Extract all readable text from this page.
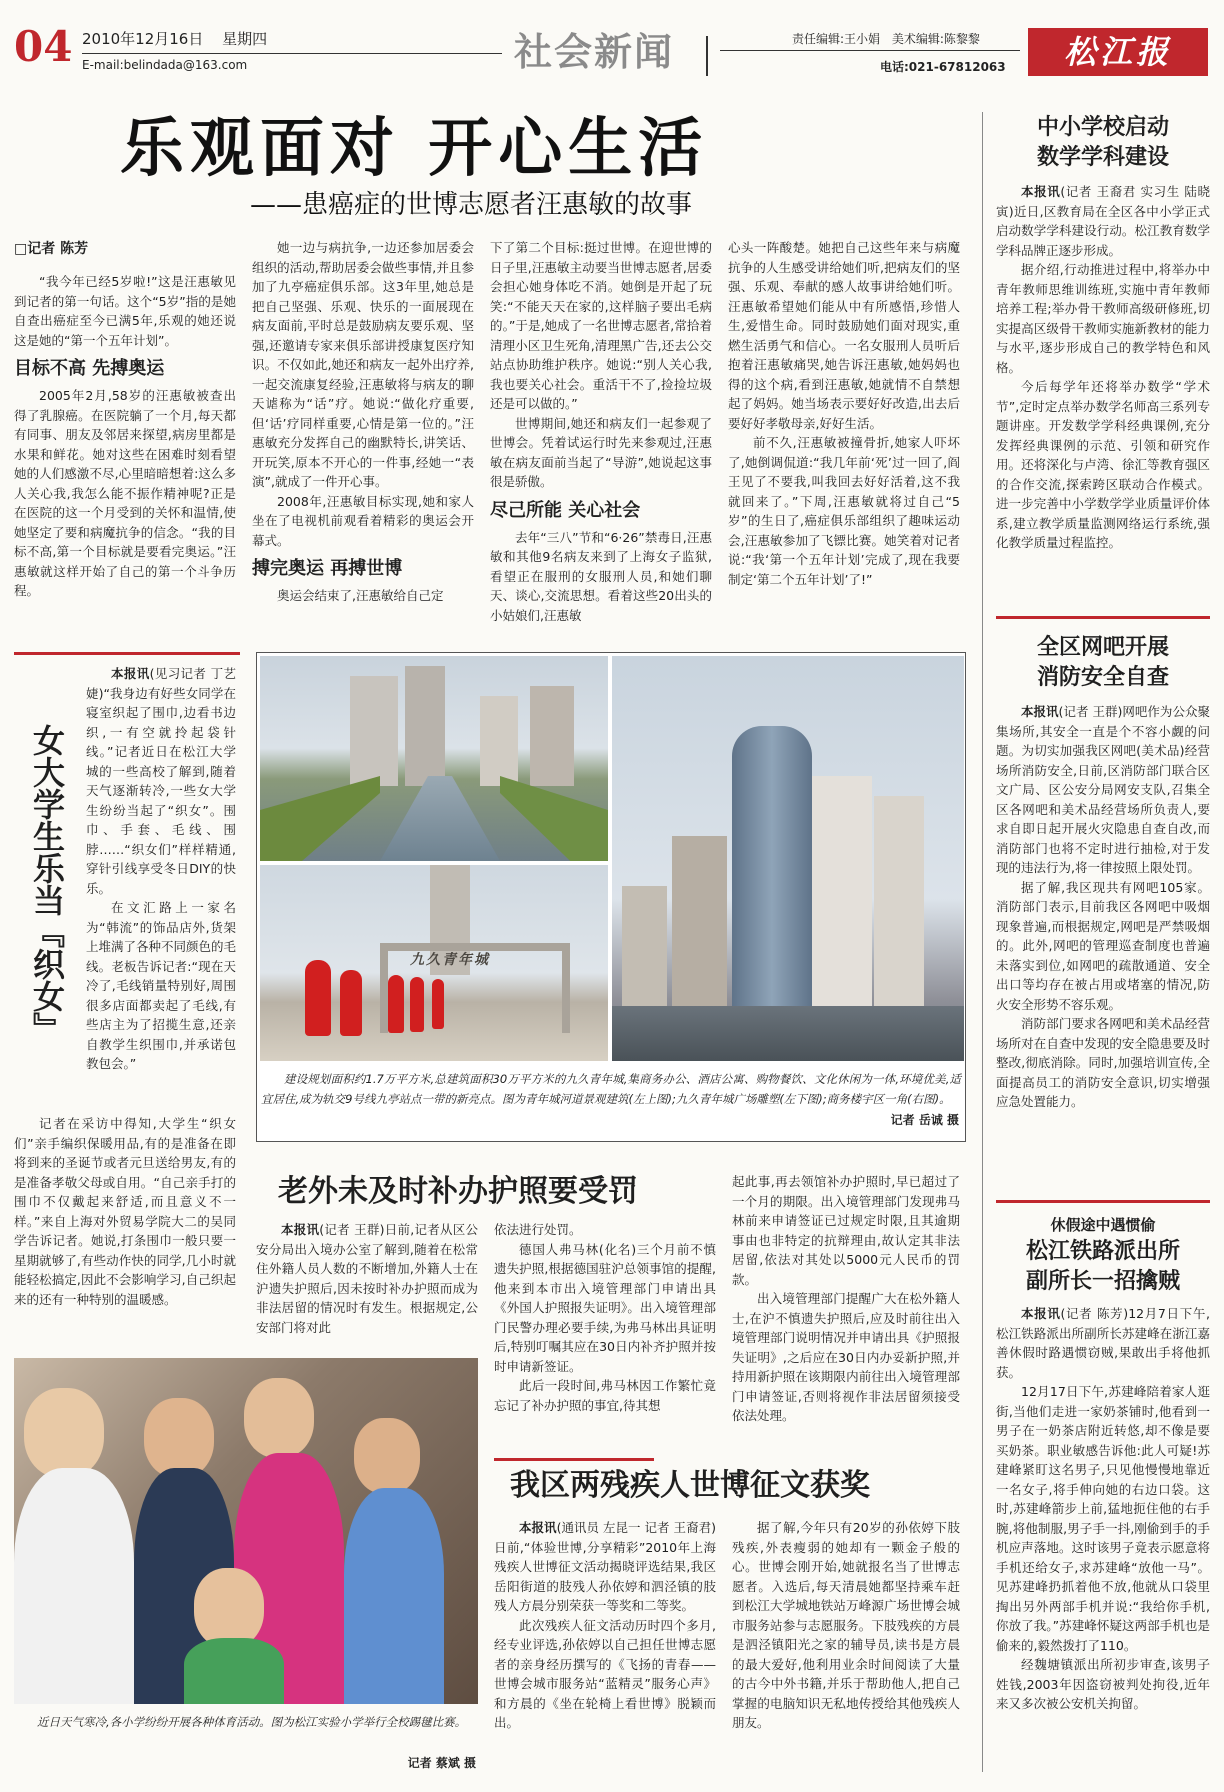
04 2010年12月16日 星期四
E-mail:belindada@163.com	社会新闻	责任编辑:王小娟 美术编辑:陈黎黎
电话:021-67812063	松江报
乐观面对 开心生活
——患癌症的世博志愿者汪惠敏的故事
□记者 陈芳

“我今年已经5岁啦!”这是汪惠敏见到记者的第一句话。这个“5岁”指的是她自查出癌症至今已满5年,乐观的她还说这是她的“第一个五年计划”。

目标不高 先搏奥运

2005年2月,58岁的汪惠敏被查出得了乳腺癌。在医院躺了一个月,每天都有同事、朋友及邻居来探望,病房里都是水果和鲜花。她对这些在困难时刻看望她的人们感激不尽,心里暗暗想着:这么多人关心我,我怎么能不振作精神呢?正是在医院的这一个月受到的关怀和温情,使她坚定了要和病魔抗争的信念。“我的目标不高,第一个目标就是要看完奥运。”汪惠敏就这样开始了自己的第一个斗争历程。

她一边与病抗争,一边还参加居委会组织的活动,帮助居委会做些事情,并且参加了九亭癌症俱乐部。这3年里,她总是把自己坚强、乐观、快乐的一面展现在病友面前,平时总是鼓励病友要乐观、坚强,还邀请专家来俱乐部讲授康复医疗知识。不仅如此,她还和病友一起外出疗养,一起交流康复经验,汪惠敏将与病友的聊天谑称为“话”疗。她说:“做化疗重要,但‘话’疗同样重要,心情是第一位的。”汪惠敏充分发挥自己的幽默特长,讲笑话、开玩笑,原本不开心的一件事,经她一“表演”,就成了一件开心事。

2008年,汪惠敏目标实现,她和家人坐在了电视机前观看着精彩的奥运会开幕式。

搏完奥运 再搏世博

奥运会结束了,汪惠敏给自己定

下了第二个目标:挺过世博。在迎世博的日子里,汪惠敏主动要当世博志愿者,居委会担心她身体吃不消。她倒是开起了玩笑:“不能天天在家的,这样脑子要出毛病的。”于是,她成了一名世博志愿者,常拾着清理小区卫生死角,清理黑广告,还去公交站点协助维护秩序。她说:“别人关心我,我也要关心社会。重活干不了,捡捡垃圾还是可以做的。”

世博期间,她还和病友们一起参观了世博会。凭着试运行时先来参观过,汪惠敏在病友面前当起了“导游”,她说起这事很是骄傲。

尽己所能 关心社会

去年“三八”节和“6·26”禁毒日,汪惠敏和其他9名病友来到了上海女子监狱,看望正在服刑的女服刑人员,和她们聊天、谈心,交流思想。看着这些20出头的小姑娘们,汪惠敏

心头一阵酸楚。她把自己这些年来与病魔抗争的人生感受讲给她们听,把病友们的坚强、乐观、奉献的感人故事讲给她们听。汪惠敏希望她们能从中有所感悟,珍惜人生,爱惜生命。同时鼓励她们面对现实,重燃生活勇气和信心。一名女服刑人员听后抱着汪惠敏痛哭,她告诉汪惠敏,她妈妈也得的这个病,看到汪惠敏,她就情不自禁想起了妈妈。她当场表示要好好改造,出去后要好好孝敬母亲,好好生活。

前不久,汪惠敏被撞骨折,她家人吓坏了,她倒调侃道:“我几年前‘死’过一回了,阎王见了不要我,叫我回去好好活着,这不我就回来了。”下周,汪惠敏就将过自己“5岁”的生日了,癌症俱乐部组织了趣味运动会,汪惠敏参加了飞镖比赛。她笑着对记者说:“我‘第一个五年计划’完成了,现在我要制定‘第二个五年计划’了!”

中小学校启动
数学学科建设

本报讯(记者 王裔君 实习生 陆晓寅)近日,区教育局在全区各中小学正式启动数学学科建设行动。松江教育数学学科品牌正逐步形成。

据介绍,行动推进过程中,将举办中青年教师思维训练班,实施中青年教师培养工程;举办骨干教师高级研修班,切实提高区级骨干教师实施新教材的能力与水平,逐步形成自己的教学特色和风格。

今后每学年还将举办数学“学术节”,定时定点举办数学名师高三系列专题讲座。开发数学学科经典课例,充分发挥经典课例的示范、引领和研究作用。还将深化与卢湾、徐汇等教育强区的合作交流,探索跨区联动合作模式。进一步完善中小学数学学业质量评价体系,建立教学质量监测网络运行系统,强化教学质量过程监控。

全区网吧开展
消防安全自查

本报讯(记者 王群)网吧作为公众聚集场所,其安全一直是个不容小觑的问题。为切实加强我区网吧(美术品)经营场所消防安全,日前,区消防部门联合区文广局、区公安分局网安支队,召集全区各网吧和美术品经营场所负责人,要求自即日起开展火灾隐患自查自改,而消防部门也将不定时进行抽检,对于发现的违法行为,将一律按照上限处罚。

据了解,我区现共有网吧105家。消防部门表示,目前我区各网吧中吸烟现象普遍,而根据规定,网吧是严禁吸烟的。此外,网吧的管理巡查制度也普遍未落实到位,如网吧的疏散通道、安全出口等均存在被占用或堵塞的情况,防火安全形势不容乐观。

消防部门要求各网吧和美术品经营场所对在自查中发现的安全隐患要及时整改,彻底消除。同时,加强培训宣传,全面提高员工的消防安全意识,切实增强应急处置能力。

休假途中遇惯偷
松江铁路派出所
副所长一招擒贼

本报讯(记者 陈芳)12月7日下午,松江铁路派出所副所长苏建峰在浙江嘉善休假时路遇惯窃贼,果敢出手将他抓获。

12月17日下午,苏建峰陪着家人逛街,当他们走进一家奶茶铺时,他看到一男子在一奶茶店附近转悠,却不像是要买奶茶。职业敏感告诉他:此人可疑!苏建峰紧盯这名男子,只见他慢慢地靠近一名女子,将手伸向她的右边口袋。这时,苏建峰箭步上前,猛地扼住他的右手腕,将他制服,男子手一抖,刚偷到手的手机应声落地。这时该男子竟表示愿意将手机还给女子,求苏建峰“放他一马”。见苏建峰扔抓着他不放,他就从口袋里掏出另外两部手机并说:“我给你手机,你放了我。”苏建峰怀疑这两部手机也是偷来的,毅然拨打了110。

经魏塘镇派出所初步审查,该男子姓钱,2003年因盗窃被判处拘役,近年来又多次被公安机关拘留。

女大学生乐当『织女』

本报讯(见习记者 丁艺婕)“我身边有好些女同学在寝室织起了围巾,边看书边织,一有空就拎起袋针线。”记者近日在松江大学城的一些高校了解到,随着天气逐渐转冷,一些女大学生纷纷当起了“织女”。围巾、手套、毛线、围脖……“织女们”样样精通,穿针引线享受冬日DIY的快乐。

在文汇路上一家名为“韩流”的饰品店外,货架上堆满了各种不同颜色的毛线。老板告诉记者:“现在天冷了,毛线销量特别好,周围很多店面都卖起了毛线,有些店主为了招揽生意,还亲自教学生织围巾,并承诺包教包会。”

记者在采访中得知,大学生“织女们”亲手编织保暖用品,有的是准备在即将到来的圣诞节或者元旦送给男友,有的是准备孝敬父母或自用。“自己亲手打的围巾不仅戴起来舒适,而且意义不一样。”来自上海对外贸易学院大二的吴同学告诉记者。她说,打条围巾一般只要一星期就够了,有些动作快的同学,几小时就能轻松搞定,因此不会影响学习,自己织起来的还有一种特别的温暖感。

九久青年城
建设规划面积约1.7万平方米,总建筑面积30万平方米的九久青年城,集商务办公、酒店公寓、购物餐饮、文化休闲为一体,环境优美,适宜居住,成为轨交9号线九亭站点一带的新亮点。图为青年城河道景观建筑(左上图);九久青年城广场雕塑(左下图);商务楼宇区一角(右图)。
记者 岳诚 摄
老外未及时补办护照要受罚

本报讯(记者 王群)日前,记者从区公安分局出入境办公室了解到,随着在松常住外籍人员人数的不断增加,外籍人士在沪遗失护照后,因未按时补办护照而成为非法居留的情况时有发生。根据规定,公安部门将对此

依法进行处罚。

德国人弗马林(化名)三个月前不慎遗失护照,根据德国驻沪总领事馆的提醒,他来到本市出入境管理部门申请出具《外国人护照报失证明》。出入境管理部门民警办理必要手续,为弗马林出具证明后,特别叮嘱其应在30日内补齐护照并按时申请新签证。

此后一段时间,弗马林因工作繁忙竟忘记了补办护照的事宜,待其想

起此事,再去领馆补办护照时,早已超过了一个月的期限。出入境管理部门发现弗马林前来申请签证已过规定时限,且其逾期事由也非特定的抗辩理由,故认定其非法居留,依法对其处以5000元人民币的罚款。

出入境管理部门提醒广大在松外籍人士,在沪不慎遗失护照后,应及时前往出入境管理部门说明情况并申请出具《护照报失证明》,之后应在30日内办妥新护照,并持用新护照在该期限内前往出入境管理部门申请签证,否则将视作非法居留须接受依法处理。

近日天气寒冷,各小学纷纷开展各种体育活动。图为松江实验小学举行全校踢毽比赛。
记者 蔡斌 摄
我区两残疾人世博征文获奖

本报讯(通讯员 左昆一 记者 王裔君)日前,“体验世博,分享精彩”2010年上海残疾人世博征文活动揭晓评选结果,我区岳阳街道的肢残人孙依婷和泗泾镇的肢残人方晨分别荣获一等奖和二等奖。

此次残疾人征文活动历时四个多月,经专业评选,孙依婷以自己担任世博志愿者的亲身经历撰写的《飞扬的青春——世博会城市服务站“蓝精灵”服务心声》和方晨的《坐在轮椅上看世博》脱颖而出。

据了解,今年只有20岁的孙依婷下肢残疾,外表瘦弱的她却有一颗金子般的心。世博会刚开始,她就报名当了世博志愿者。入选后,每天清晨她都坚持乘车赶到松江大学城地铁站万峰源广场世博会城市服务站参与志愿服务。下肢残疾的方晨是泗泾镇阳光之家的辅导员,读书是方晨的最大爱好,他利用业余时间阅读了大量的古今中外书籍,并乐于帮助他人,把自己掌握的电脑知识无私地传授给其他残疾人朋友。
